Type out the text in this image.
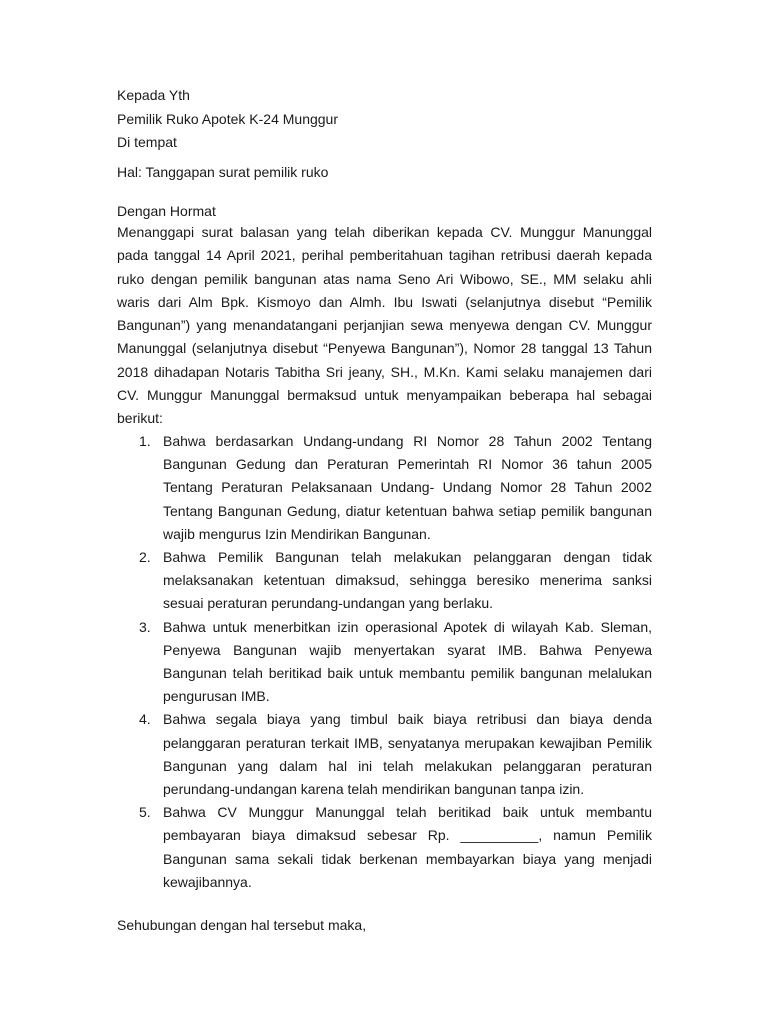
Kepada Yth
Pemilik Ruko Apotek K-24 Munggur
Di tempat
Hal: Tanggapan surat pemilik ruko
Dengan Hormat

Menanggapi surat balasan yang telah diberikan kepada CV. Munggur Manunggal pada tanggal 14 April 2021, perihal pemberitahuan tagihan retribusi daerah kepada ruko dengan pemilik bangunan atas nama Seno Ari Wibowo, SE., MM selaku ahli waris dari Alm Bpk. Kismoyo dan Almh. Ibu Iswati (selanjutnya disebut “Pemilik Bangunan”) yang menandatangani perjanjian sewa menyewa dengan CV. Munggur Manunggal (selanjutnya disebut “Penyewa Bangunan”), Nomor 28 tanggal 13 Tahun 2018 dihadapan Notaris Tabitha Sri jeany, SH., M.Kn. Kami selaku manajemen dari CV. Munggur Manunggal bermaksud untuk menyampaikan beberapa hal sebagai berikut:

1. Bahwa berdasarkan Undang-undang RI Nomor 28 Tahun 2002 Tentang Bangunan Gedung dan Peraturan Pemerintah RI Nomor 36 tahun 2005 Tentang Peraturan Pelaksanaan Undang- Undang Nomor 28 Tahun 2002 Tentang Bangunan Gedung, diatur ketentuan bahwa setiap pemilik bangunan wajib mengurus Izin Mendirikan Bangunan.
2. Bahwa Pemilik Bangunan telah melakukan pelanggaran dengan tidak melaksanakan ketentuan dimaksud, sehingga beresiko menerima sanksi sesuai peraturan perundang-undangan yang berlaku.
3. Bahwa untuk menerbitkan izin operasional Apotek di wilayah Kab. Sleman, Penyewa Bangunan wajib menyertakan syarat IMB. Bahwa Penyewa Bangunan telah beritikad baik untuk membantu pemilik bangunan melalukan pengurusan IMB.
4. Bahwa segala biaya yang timbul baik biaya retribusi dan biaya denda pelanggaran peraturan terkait IMB, senyatanya merupakan kewajiban Pemilik Bangunan yang dalam hal ini telah melakukan pelanggaran peraturan perundang-undangan karena telah mendirikan bangunan tanpa izin.
5. Bahwa CV Munggur Manunggal telah beritikad baik untuk membantu pembayaran biaya dimaksud sebesar Rp. __________, namun Pemilik Bangunan sama sekali tidak berkenan membayarkan biaya yang menjadi kewajibannya.
Sehubungan dengan hal tersebut maka,
